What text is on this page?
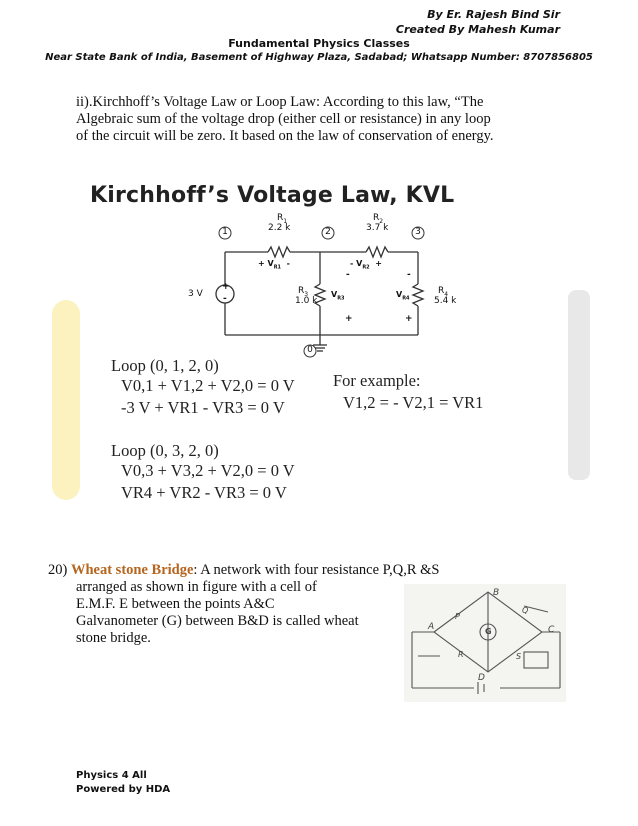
By Er. Rajesh Bind Sir
Created By Mahesh Kumar
Fundamental Physics Classes
Near State Bank of India, Basement of Highway Plaza, Sadabad; Whatsapp Number: 8707856805
ii).Kirchhoff’s Voltage Law or Loop Law: According to this law, “The
Algebraic sum of the voltage drop (either cell or resistance) in any loop
of the circuit will be zero. It based on the law of conservation of energy.
Kirchhoff’s Voltage Law, KVL
1	2	3
0
$R_1$
2.2 k
$R_2$
3.7 k
$R_3$
1.0 k
$R_4$
5.4 k
3 V
+
-
+ $V_{R1}$ -	- $V_{R2}$ +
$V_{R3}$	$V_{R4}$
-
+
-
+
Loop (0, 1, 2, 0)
V0,1 + V1,2 + V2,0 = 0 V
-3 V + VR1 - VR3 = 0 V
For example:
V1,2 = - V2,1 = VR1
Loop (0, 3, 2, 0)
V0,3 + V3,2 + V2,0 = 0 V
VR4 + VR2 - VR3 = 0 V
20) Wheat stone Bridge: A network with four resistance P,Q,R &S
arranged as shown in figure with a cell of
E.M.F. E between the points A&C
Galvanometer (G) between B&D is called wheat
stone bridge.
A
B
C
D
G
P
Q
R	S
Physics 4 All
Powered by HDA
